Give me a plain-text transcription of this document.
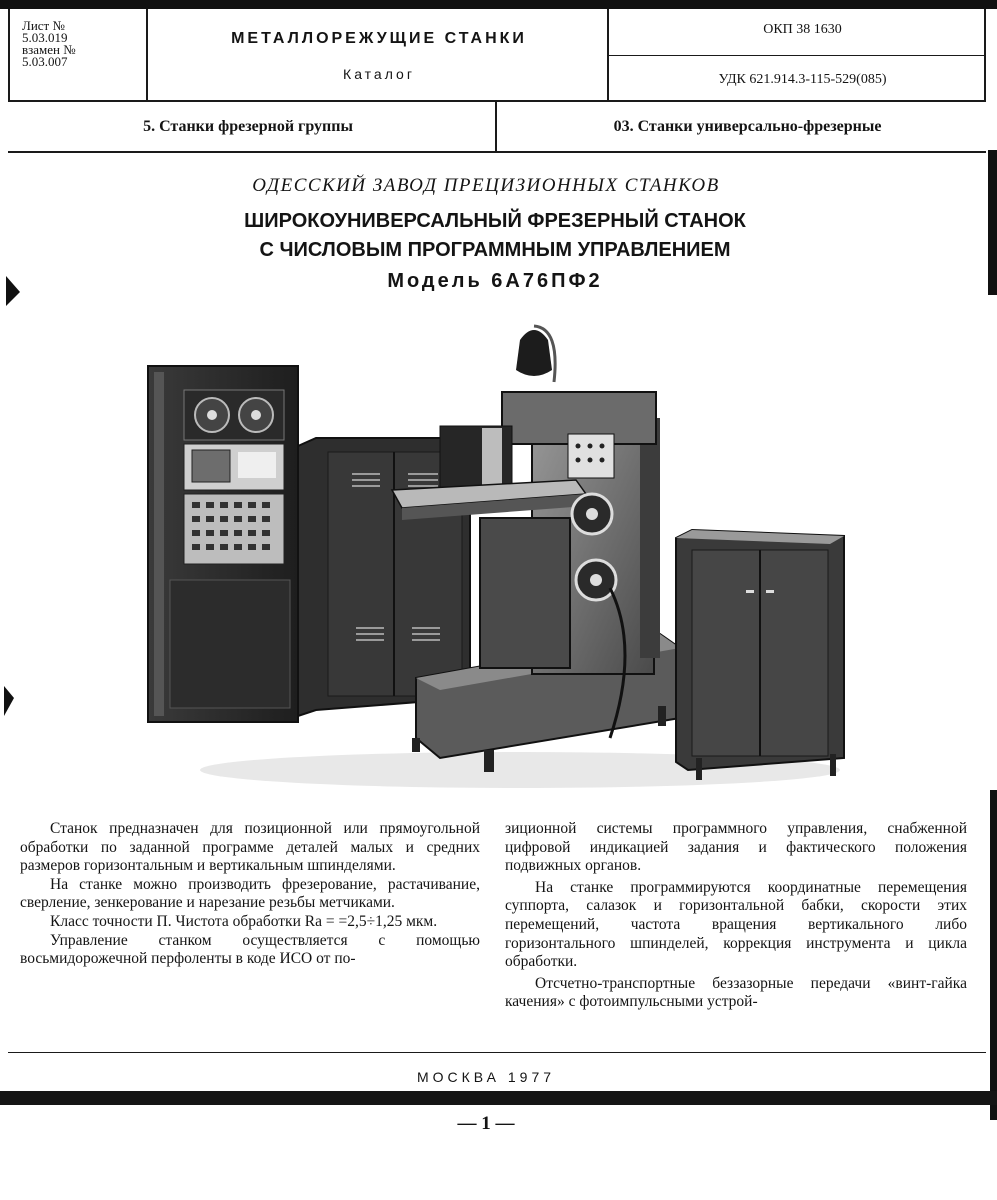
Лист №
5.03.019
взамен №
5.03.007
МЕТАЛЛОРЕЖУЩИЕ СТАНКИ
Каталог
ОКП 38 1630
УДК 621.914.3-115-529(085)
5. Станки фрезерной группы	03. Станки универсально-фрезерные
ОДЕССКИЙ ЗАВОД ПРЕЦИЗИОННЫХ СТАНКОВ
ШИРОКОУНИВЕРСАЛЬНЫЙ ФРЕЗЕРНЫЙ СТАНОК
С ЧИСЛОВЫМ ПРОГРАММНЫМ УПРАВЛЕНИЕМ
Модель 6А76ПФ2

Станок предназначен для позиционной или прямоугольной обработки по заданной программе деталей малых и средних размеров горизонтальным и вертикальным шпинделями.

На станке можно производить фрезерование, растачивание, сверление, зенкерование и нарезание резьбы метчиками.

Класс точности П. Чистота обработки Ra = =2,5÷1,25 мкм.

Управление станком осуществляется с помощью восьмидорожечной перфоленты в коде ИСО от по-

зиционной системы программного управления, снабженной цифровой индикацией задания и фактического положения подвижных органов.

На станке программируются координатные перемещения суппорта, салазок и горизонтальной бабки, скорости этих перемещений, частота вращения вертикального либо горизонтального шпинделей, коррекция инструмента и цикла обработки.

Отсчетно-транспортные беззазорные передачи «винт-гайка качения» с фотоимпульсными устрой-

МОСКВА 1977
— 1 —
